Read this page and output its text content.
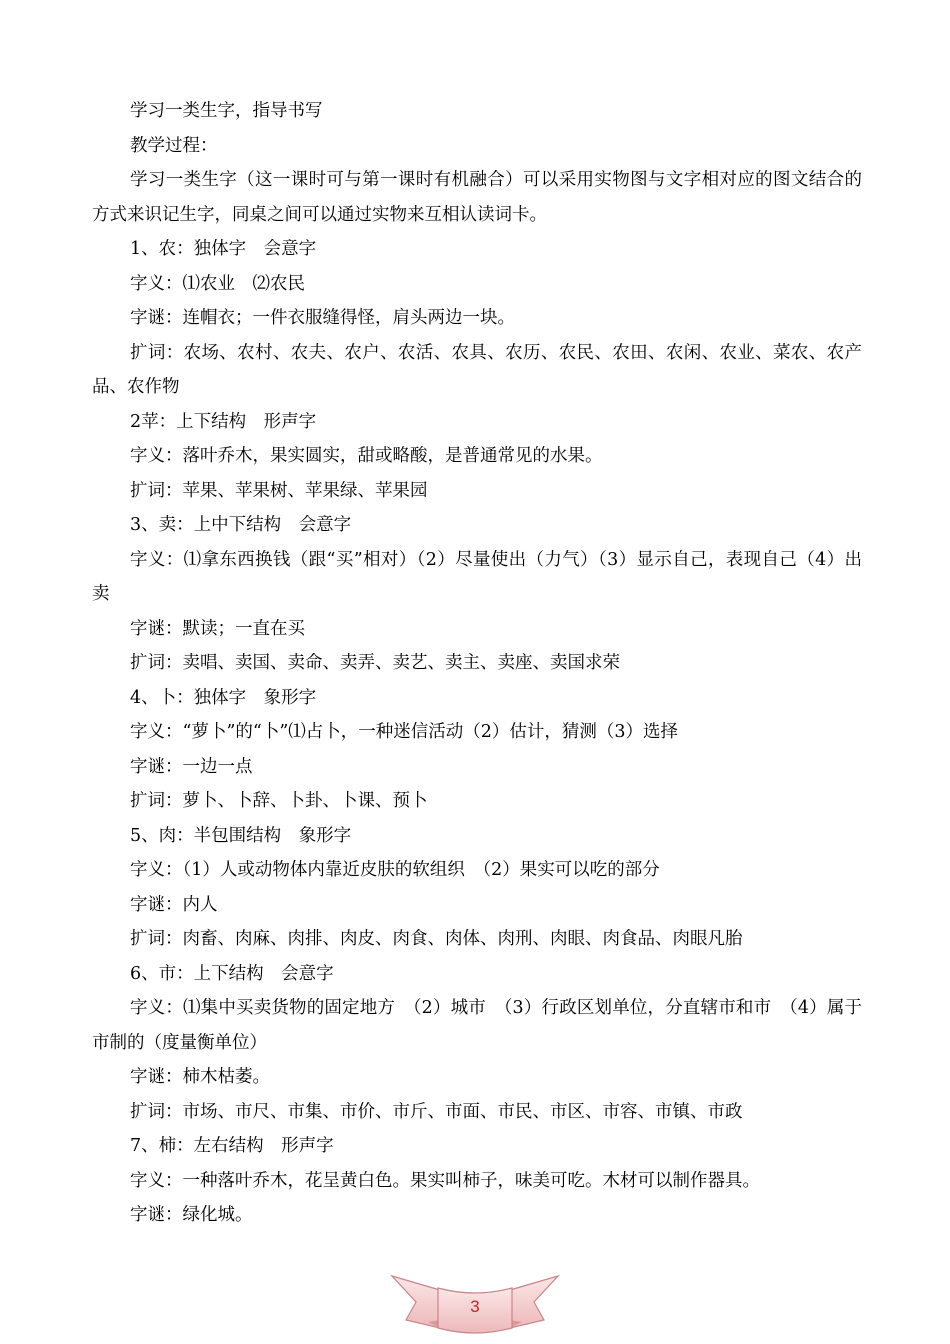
学习一类生字，指导书写

教学过程：

学习一类生字（这一课时可与第一课时有机融合）可以采用实物图与文字相对应的图文结合的方式来识记生字，同桌之间可以通过实物来互相认读词卡。

1、农：独体字　会意字

字义：⑴农业　⑵农民

字谜：连帽衣；一件衣服缝得怪，肩头两边一块。

扩词：农场、农村、农夫、农户、农活、农具、农历、农民、农田、农闲、农业、菜农、农产品、农作物

2苹：上下结构　形声字

字义：落叶乔木，果实圆实，甜或略酸，是普通常见的水果。

扩词：苹果、苹果树、苹果绿、苹果园

3、卖：上中下结构　会意字

字义：⑴拿东西换钱（跟“买”相对）（2）尽量使出（力气）（3）显示自己，表现自己（4）出卖

字谜：默读；一直在买

扩词：卖唱、卖国、卖命、卖弄、卖艺、卖主、卖座、卖国求荣

4、卜：独体字　象形字

字义：“萝卜”的“卜”⑴占卜，一种迷信活动（2）估计，猜测（3）选择

字谜：一边一点

扩词：萝卜、卜辞、卜卦、卜课、预卜

5、肉：半包围结构　象形字

字义：（1）人或动物体内靠近皮肤的软组织　（2）果实可以吃的部分

字谜：内人

扩词：肉畜、肉麻、肉排、肉皮、肉食、肉体、肉刑、肉眼、肉食品、肉眼凡胎

6、市：上下结构　会意字

字义：⑴集中买卖货物的固定地方　（2）城市　（3）行政区划单位，分直辖市和市　（4）属于市制的（度量衡单位）

字谜：柿木枯萎。

扩词：市场、市尺、市集、市价、市斤、市面、市民、市区、市容、市镇、市政

7、柿：左右结构　形声字

字义：一种落叶乔木，花呈黄白色。果实叫柿子，味美可吃。木材可以制作器具。

字谜：绿化城。

3
